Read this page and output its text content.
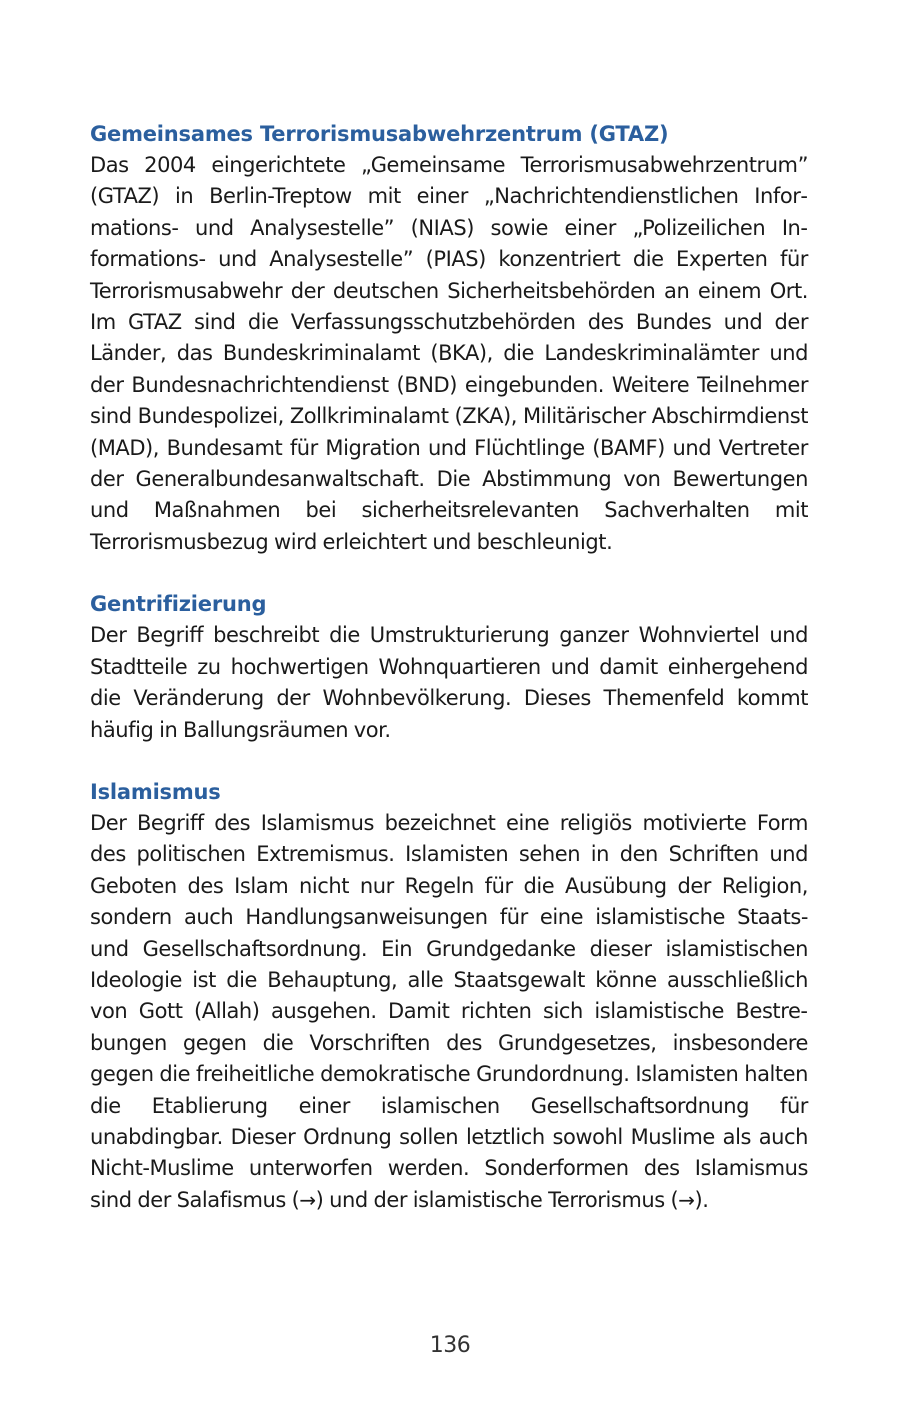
Gemeinsames Terrorismusabwehrzentrum (GTAZ)

Das 2004 eingerichtete „Gemeinsame Terrorismusabwehrzentrum” (GTAZ) in Berlin-Treptow mit einer „Nachrichtendienstlichen Informations- und Analysestelle” (NIAS) sowie einer „Polizeilichen Informations- und Analysestelle” (PIAS) konzentriert die Experten für Terrorismusabwehr der deutschen Sicherheitsbehörden an einem Ort. Im GTAZ sind die Verfassungsschutzbehörden des Bundes und der Länder, das Bundeskriminalamt (BKA), die Landeskriminalämter und der Bundesnachrichtendienst (BND) eingebunden. Weitere Teilnehmer sind Bundespolizei, Zollkriminalamt (ZKA), Militärischer Abschirmdienst (MAD), Bundesamt für Migration und Flüchtlinge (BAMF) und Vertreter der Generalbundesanwaltschaft. Die Abstimmung von Bewertungen und Maßnahmen bei sicherheitsrelevanten Sachverhalten mit Terrorismusbezug wird erleichtert und beschleunigt.

Gentrifizierung

Der Begriff beschreibt die Umstrukturierung ganzer Wohnviertel und Stadtteile zu hochwertigen Wohnquartieren und damit einhergehend die Veränderung der Wohnbevölkerung. Dieses Themenfeld kommt häufig in Ballungsräumen vor.

Islamismus

Der Begriff des Islamismus bezeichnet eine religiös motivierte Form des politischen Extremismus. Islamisten sehen in den Schriften und Geboten des Islam nicht nur Regeln für die Ausübung der Religion, sondern auch Handlungsanweisungen für eine islamistische Staats- und Gesellschaftsordnung. Ein Grundgedanke dieser islamistischen Ideologie ist die Behauptung, alle Staatsgewalt könne ausschließlich von Gott (Allah) ausgehen. Damit richten sich islamistische Bestrebungen gegen die Vorschriften des Grundgesetzes, insbesondere gegen die freiheitliche demokratische Grundordnung. Islamisten halten die Etablierung einer islamischen Gesellschaftsordnung für unabdingbar. Dieser Ordnung sollen letztlich sowohl Muslime als auch Nicht-Muslime unterworfen werden. Sonderformen des Islamismus sind der Salafismus (→) und der islamistische Terrorismus (→).

136
